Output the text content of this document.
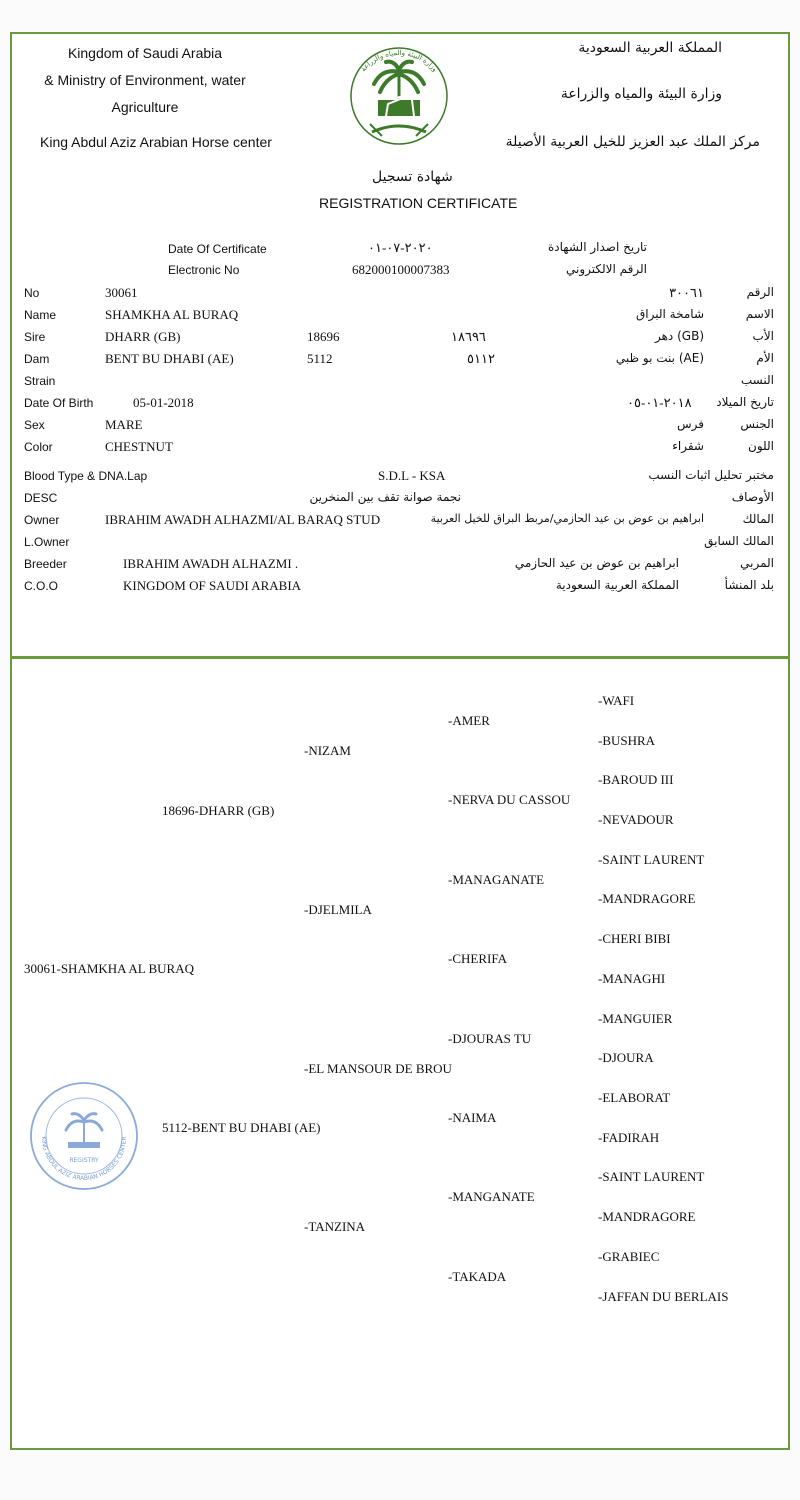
Kingdom of Saudi Arabia
& Ministry of Environment, water
Agriculture
King Abdul Aziz Arabian Horse center
المملكة العربية السعودية
وزارة البيئة والمياه والزراعة
مركز الملك عبد العزيز للخيل العربية الأصيلة
وزارة البيئة والمياه والزراعة
شهادة تسجيل
REGISTRATION CERTIFICATE
Date Of Certificate	٢٠٢٠-٠٧-٠١	تاريخ اصدار الشهادة
Electronic No	682000100007383	الرقم الالكتروني
No	30061	٣٠٠٦١	الرقم
Name	SHAMKHA AL BURAQ	شامخة البراق	الاسم
Sire	DHARR (GB)	18696	١٨٦٩٦	(GB) دهر	الأب
Dam	BENT BU DHABI (AE)	5112	٥١١٢	(AE) بنت بو ظبي	الأم
Strain	النسب
Date Of Birth	05-01-2018	٢٠١٨-٠١-٠٥ تاريخ الميلاد
Sex	MARE	فرس	الجنس
Color	CHESTNUT	شقراء	اللون
Blood Type & DNA.Lap	S.D.L - KSA	مختبر تحليل اثبات النسب
DESC	نجمة صوانة تقف بين المنخرين	الأوصاف
Owner	IBRAHIM AWADH ALHAZMI/AL BARAQ STUD	ابراهيم بن عوض بن عيد الحازمي/مربط البراق للخيل العربية	المالك
L.Owner	المالك السابق
Breeder	IBRAHIM AWADH ALHAZMI .	ابراهيم بن عوض بن عيد الحازمي	المربي
C.O.O	KINGDOM OF SAUDI ARABIA	المملكة العربية السعودية	بلد المنشأ
30061-SHAMKHA AL BURAQ
18696-DHARR (GB)
5112-BENT BU DHABI (AE)
-NIZAM
-DJELMILA
-EL MANSOUR DE BROU
-TANZINA
-AMER
-NERVA DU CASSOU
-MANAGANATE
-CHERIFA
-DJOURAS TU
-NAIMA
-MANGANATE
-TAKADA
-WAFI
-BUSHRA
-BAROUD III
-NEVADOUR
-SAINT LAURENT
-MANDRAGORE
-CHERI BIBI
-MANAGHI
-MANGUIER
-DJOURA
-ELABORAT
-FADIRAH
-SAINT LAURENT
-MANDRAGORE
-GRABIEC
-JAFFAN DU BERLAIS
KING ABDUL AZIZ ARABIAN HORSES CENTER
REGISTRY
